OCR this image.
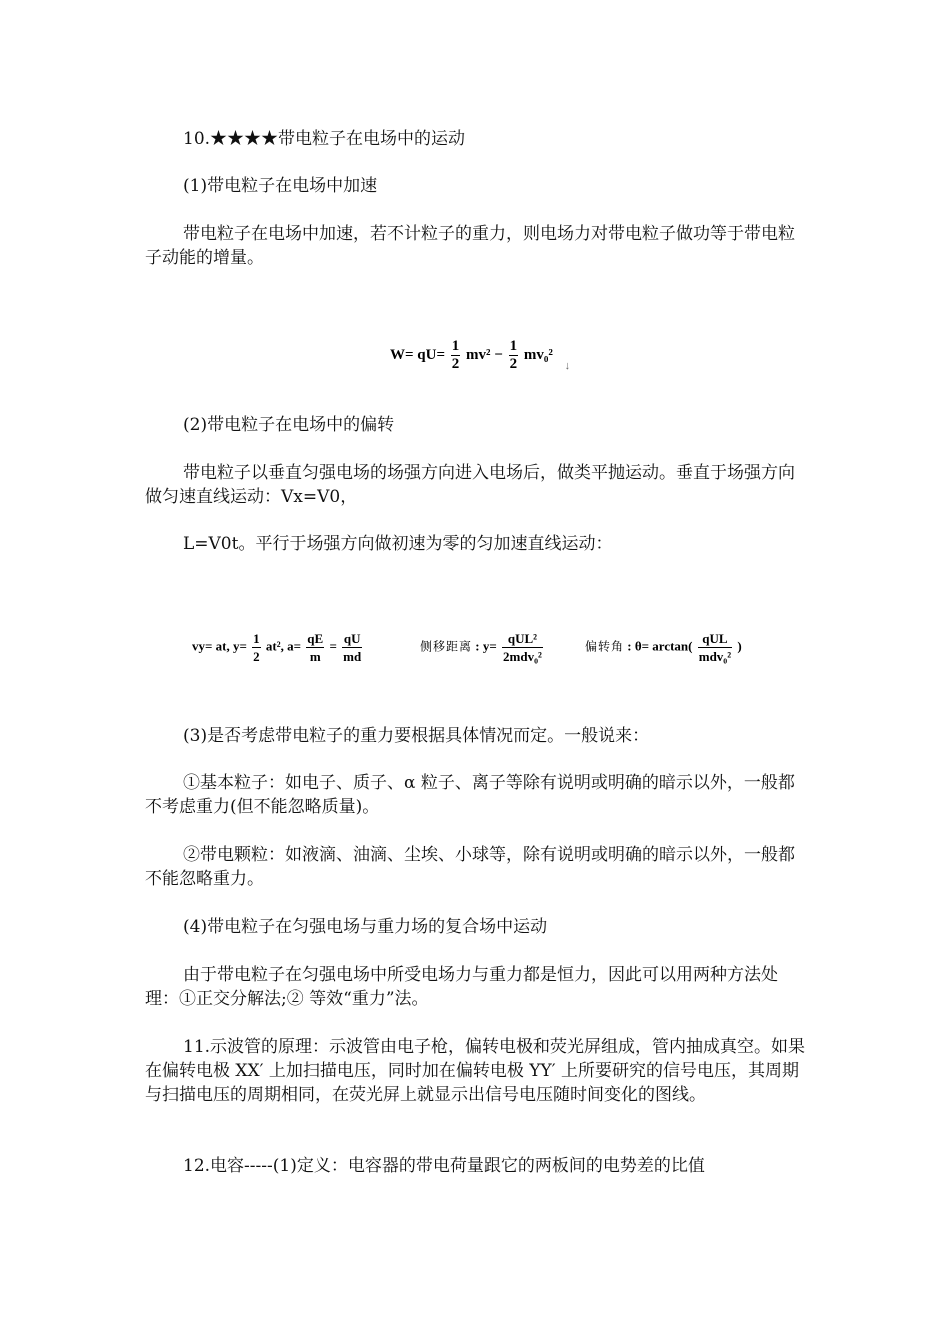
10.★★★★带电粒子在电场中的运动

(1)带电粒子在电场中加速

带电粒子在电场中加速，若不计粒子的重力，则电场力对带电粒子做功等于带电粒子动能的增量。

$W= qU= \frac{1}{2} mv^2 - \frac{1}{2} mv_0^2$ $_↓$

(2)带电粒子在电场中的偏转

带电粒子以垂直匀强电场的场强方向进入电场后，做类平抛运动。垂直于场强方向做匀速直线运动：Vx=V0，

L=V0t。平行于场强方向做初速为零的匀加速直线运动：

vy= at, $y= \frac{1}{2} at^2$, $a= \frac{qE}{m} = \frac{qU}{md}$	侧移距离 : $y= \frac{\text{qUL²}}{\text{2mdv₀²}}$	偏转角 : $\theta= \arctan( \frac{\text{qUL}}{\text{mdv₀²}}$ )

(3)是否考虑带电粒子的重力要根据具体情况而定。一般说来：

①基本粒子：如电子、质子、α 粒子、离子等除有说明或明确的暗示以外，一般都不考虑重力(但不能忽略质量)。

②带电颗粒：如液滴、油滴、尘埃、小球等，除有说明或明确的暗示以外，一般都不能忽略重力。

(4)带电粒子在匀强电场与重力场的复合场中运动

由于带电粒子在匀强电场中所受电场力与重力都是恒力，因此可以用两种方法处理：①正交分解法;② 等效“重力”法。

11.示波管的原理：示波管由电子枪，偏转电极和荧光屏组成，管内抽成真空。如果在偏转电极 XX′ 上加扫描电压，同时加在偏转电极 YY′ 上所要研究的信号电压，其周期与扫描电压的周期相同，在荧光屏上就显示出信号电压随时间变化的图线。

12.电容-----(1)定义：电容器的带电荷量跟它的两板间的电势差的比值
